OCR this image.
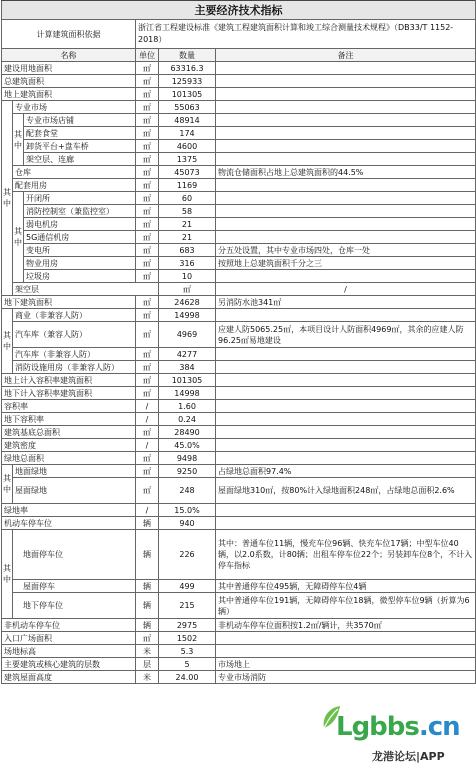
主要经济技术指标						
计算建筑面积依据			浙江省工程建设标准《建筑工程建筑面积计算和竣工综合测量技术规程》（DB33/T 1152-2018）			
名称			单位	数量	备注	
建设用地面积			㎡	63316.3		
总建筑面积			㎡	125933		
地上建筑面积			㎡	101305		
其
中	专业市场		㎡	55063		
	其
中	专业市场店铺	㎡	48914		
		配套食堂	㎡	174		
		卸货平台+盘车桥	㎡	4600		
		架空层、连廊	㎡	1375		
	仓库		㎡	45073	物流仓储面积占地上总建筑面积的44.5%	
	配套用房		㎡	1169		
	其
中	开闭所	㎡	60		
		消防控制室（兼监控室）	㎡	58		
		弱电机房	㎡	21		
		5G通信机房	㎡	21		
		变电所	㎡	683	分五处设置，其中专业市场四处，仓库一处	
		物业用房	㎡	316	按照地上总建筑面积千分之三	
		垃圾房	㎡	10		
	架空层			㎡	/	
地下建筑面积			㎡	24628	另消防水池341㎡	
其
中	商业（非兼容人防）		㎡	14998		
	汽车库（兼容人防）		㎡	4969	应建人防5065.25㎡，本项目设计人防面积4969㎡，其余的应建人防96.25㎡易地建设	
	汽车库（非兼容人防）		㎡	4277		
	消防设施用房（非兼容人防）		㎡	384		
地上计入容积率建筑面积			㎡	101305		
地下计入容积率建筑面积			㎡	14998		
容积率			/	1.60		
地下容积率			/	0.24		
建筑基底总面积			㎡	28490		
建筑密度			/	45.0%		
绿地总面积			㎡	9498		
其
中	地面绿地		㎡	9250	占绿地总面积97.4%	
	屋面绿地		㎡	248	屋面绿地310㎡，按80%计入绿地面积248㎡，占绿地总面积2.6%	
绿地率			/	15.0%		
机动车停车位			辆	940		
其
中	地面停车位		辆	226	其中：普通车位11辆，慢充车位96辆、快充车位17辆；中型车位40辆，以2.0系数，计80辆；出租车停车位22个；另装卸车位8个，不计入停车指标	
	屋面停车		辆	499	其中普通停车位495辆，无障碍停车位4辆	
	地下停车位		辆	215	其中普通停车位191辆，无障碍停车位18辆，微型停车位9辆（折算为6辆）	
非机动车停车位			辆	2975	非机动车停车位面积按1.2㎡/辆计，共3570㎡	
入口广场面积			㎡	1502		
场地标高			米	5.3		
主要建筑或核心建筑的层数			层	5	市场地上	
建筑屋面高度			米	24.00	专业市场消防	
Lgbbs.cn
龙港论坛|APP
